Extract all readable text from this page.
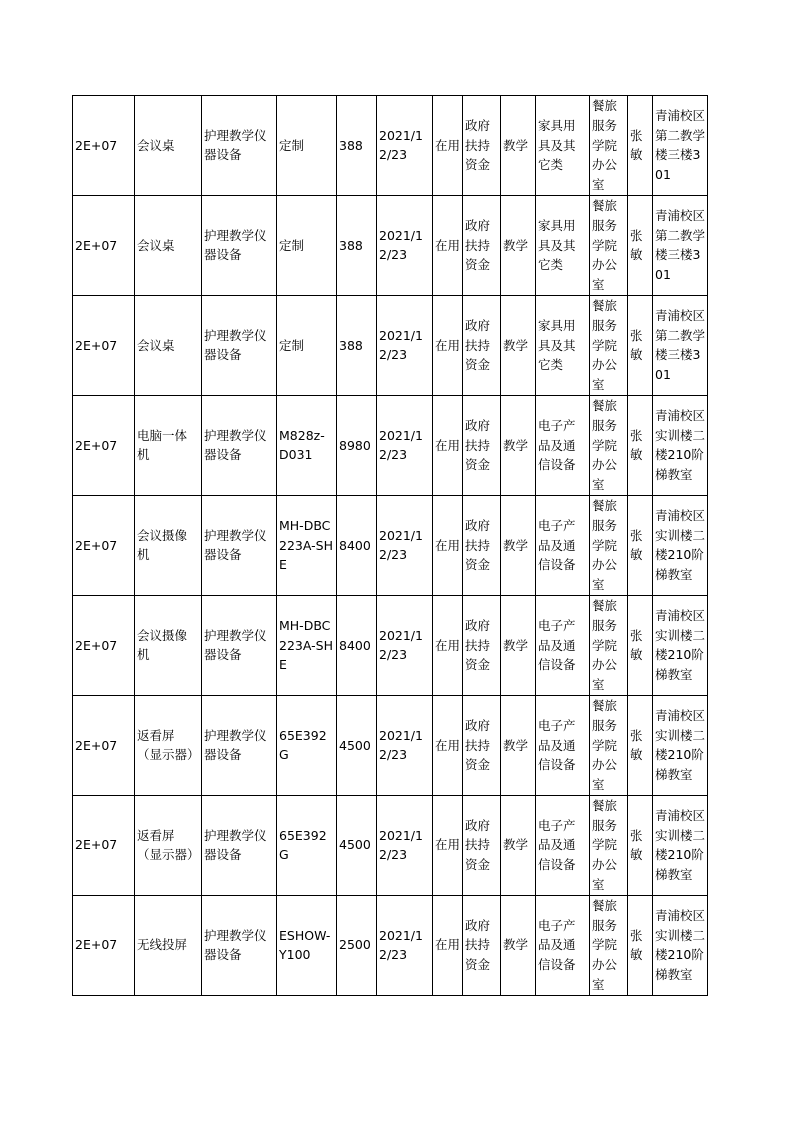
2E+07	会议桌	护理教学仪器设备	定制	388	2021/12/23	在用	政府扶持资金	教学	家具用具及其它类	餐旅服务学院办公室	张敏	青浦校区第二教学楼三楼301
2E+07	会议桌	护理教学仪器设备	定制	388	2021/12/23	在用	政府扶持资金	教学	家具用具及其它类	餐旅服务学院办公室	张敏	青浦校区第二教学楼三楼301
2E+07	会议桌	护理教学仪器设备	定制	388	2021/12/23	在用	政府扶持资金	教学	家具用具及其它类	餐旅服务学院办公室	张敏	青浦校区第二教学楼三楼301
2E+07	电脑一体机	护理教学仪器设备	M828z-D031	8980	2021/12/23	在用	政府扶持资金	教学	电子产品及通信设备	餐旅服务学院办公室	张敏	青浦校区实训楼二楼210阶梯教室
2E+07	会议摄像机	护理教学仪器设备	MH-DBC223A-SHE	8400	2021/12/23	在用	政府扶持资金	教学	电子产品及通信设备	餐旅服务学院办公室	张敏	青浦校区实训楼二楼210阶梯教室
2E+07	会议摄像机	护理教学仪器设备	MH-DBC223A-SHE	8400	2021/12/23	在用	政府扶持资金	教学	电子产品及通信设备	餐旅服务学院办公室	张敏	青浦校区实训楼二楼210阶梯教室
2E+07	返看屏（显示器）	护理教学仪器设备	65E392G	4500	2021/12/23	在用	政府扶持资金	教学	电子产品及通信设备	餐旅服务学院办公室	张敏	青浦校区实训楼二楼210阶梯教室
2E+07	返看屏（显示器）	护理教学仪器设备	65E392G	4500	2021/12/23	在用	政府扶持资金	教学	电子产品及通信设备	餐旅服务学院办公室	张敏	青浦校区实训楼二楼210阶梯教室
2E+07	无线投屏	护理教学仪器设备	ESHOW-Y100	2500	2021/12/23	在用	政府扶持资金	教学	电子产品及通信设备	餐旅服务学院办公室	张敏	青浦校区实训楼二楼210阶梯教室
